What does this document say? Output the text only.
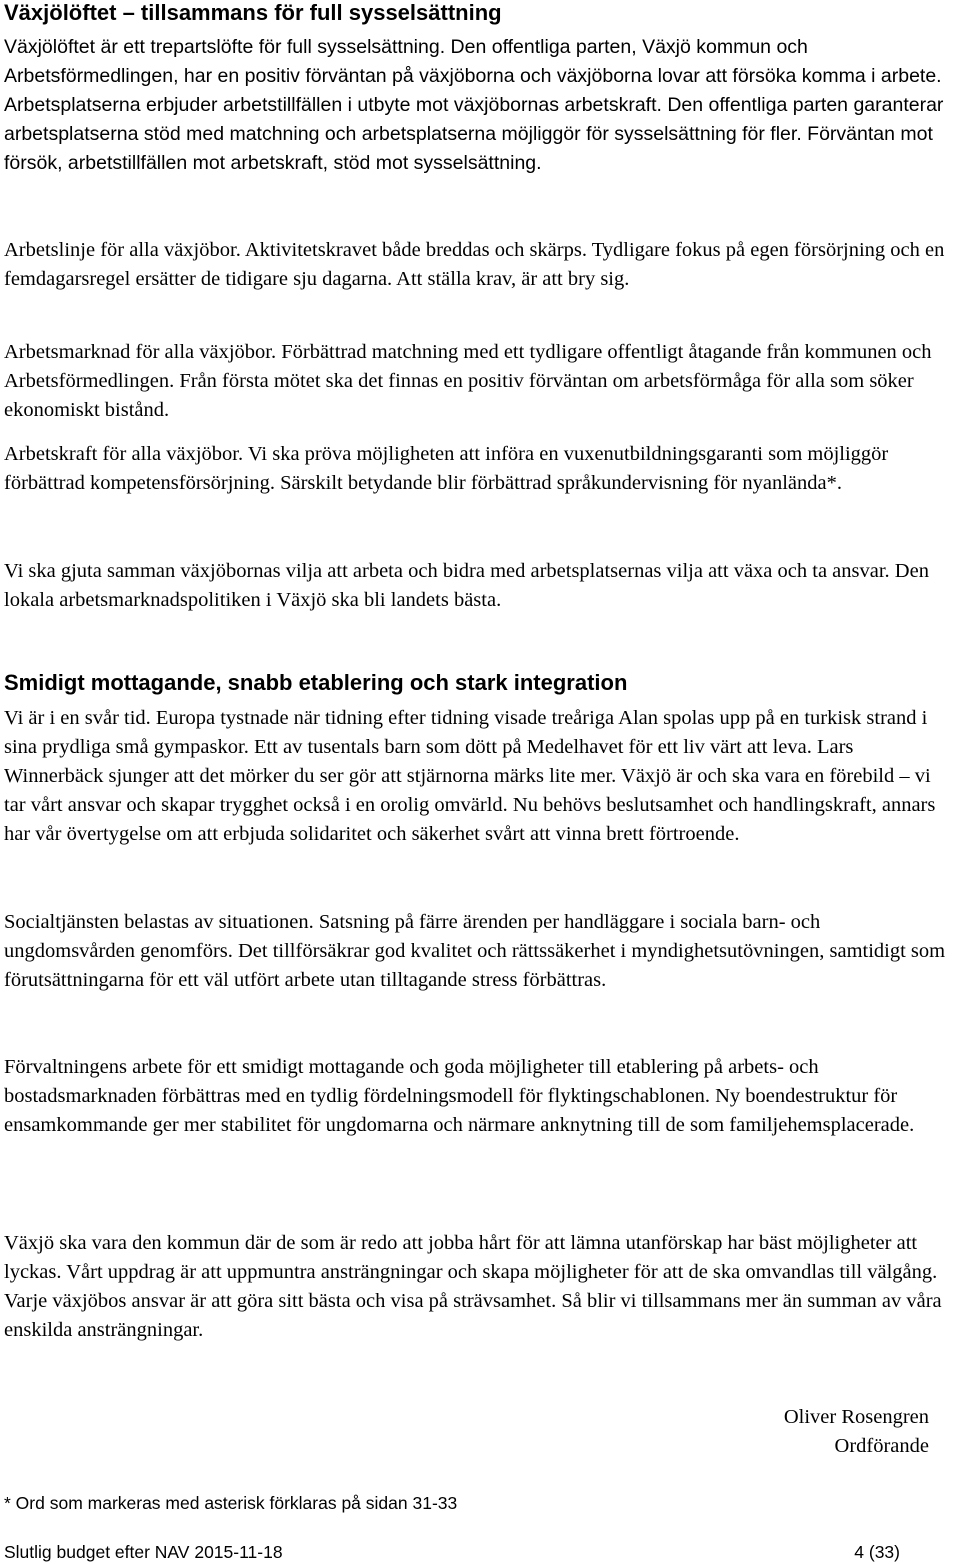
Växjölöftet – tillsammans för full sysselsättning

Växjölöftet är ett trepartslöfte för full sysselsättning. Den offentliga parten, Växjö kommun och Arbetsförmedlingen, har en positiv förväntan på växjöborna och växjöborna lovar att försöka komma i arbete. Arbetsplatserna erbjuder arbetstillfällen i utbyte mot växjöbornas arbetskraft. Den offentliga parten garanterar arbetsplatserna stöd med matchning och arbetsplatserna möjliggör för sysselsättning för fler. Förväntan mot försök, arbetstillfällen mot arbetskraft, stöd mot sysselsättning.

Arbetslinje för alla växjöbor. Aktivitetskravet både breddas och skärps. Tydligare fokus på egen försörjning och en femdagarsregel ersätter de tidigare sju dagarna. Att ställa krav, är att bry sig.

Arbetsmarknad för alla växjöbor. Förbättrad matchning med ett tydligare offentligt åtagande från kommunen och Arbetsförmedlingen. Från första mötet ska det finnas en positiv förväntan om arbetsförmåga för alla som söker ekonomiskt bistånd.

Arbetskraft för alla växjöbor. Vi ska pröva möjligheten att införa en vuxenutbildningsgaranti som möjliggör förbättrad kompetensförsörjning. Särskilt betydande blir förbättrad språkundervisning för nyanlända*.

Vi ska gjuta samman växjöbornas vilja att arbeta och bidra med arbetsplatsernas vilja att växa och ta ansvar. Den lokala arbetsmarknadspolitiken i Växjö ska bli landets bästa.

Smidigt mottagande, snabb etablering och stark integration

Vi är i en svår tid. Europa tystnade när tidning efter tidning visade treåriga Alan spolas upp på en turkisk strand i sina prydliga små gympaskor. Ett av tusentals barn som dött på Medelhavet för ett liv värt att leva. Lars Winnerbäck sjunger att det mörker du ser gör att stjärnorna märks lite mer. Växjö är och ska vara en förebild – vi tar vårt ansvar och skapar trygghet också i en orolig omvärld. Nu behövs beslutsamhet och handlingskraft, annars har vår övertygelse om att erbjuda solidaritet och säkerhet svårt att vinna brett förtroende.

Socialtjänsten belastas av situationen. Satsning på färre ärenden per handläggare i sociala barn- och ungdomsvården genomförs. Det tillförsäkrar god kvalitet och rättssäkerhet i myndighetsutövningen, samtidigt som förutsättningarna för ett väl utfört arbete utan tilltagande stress förbättras.

Förvaltningens arbete för ett smidigt mottagande och goda möjligheter till etablering på arbets- och bostadsmarknaden förbättras med en tydlig fördelningsmodell för flyktingschablonen. Ny boendestruktur för ensamkommande ger mer stabilitet för ungdomarna och närmare anknytning till de som familjehemsplacerade.

Växjö ska vara den kommun där de som är redo att jobba hårt för att lämna utanförskap har bäst möjligheter att lyckas. Vårt uppdrag är att uppmuntra ansträngningar och skapa möjligheter för att de ska omvandlas till välgång. Varje växjöbos ansvar är att göra sitt bästa och visa på strävsamhet. Så blir vi tillsammans mer än summan av våra enskilda ansträngningar.

Oliver Rosengren
Ordförande

* Ord som markeras med asterisk förklaras på sidan 31-33

Slutlig budget efter NAV 2015-11-18	4 (33)
